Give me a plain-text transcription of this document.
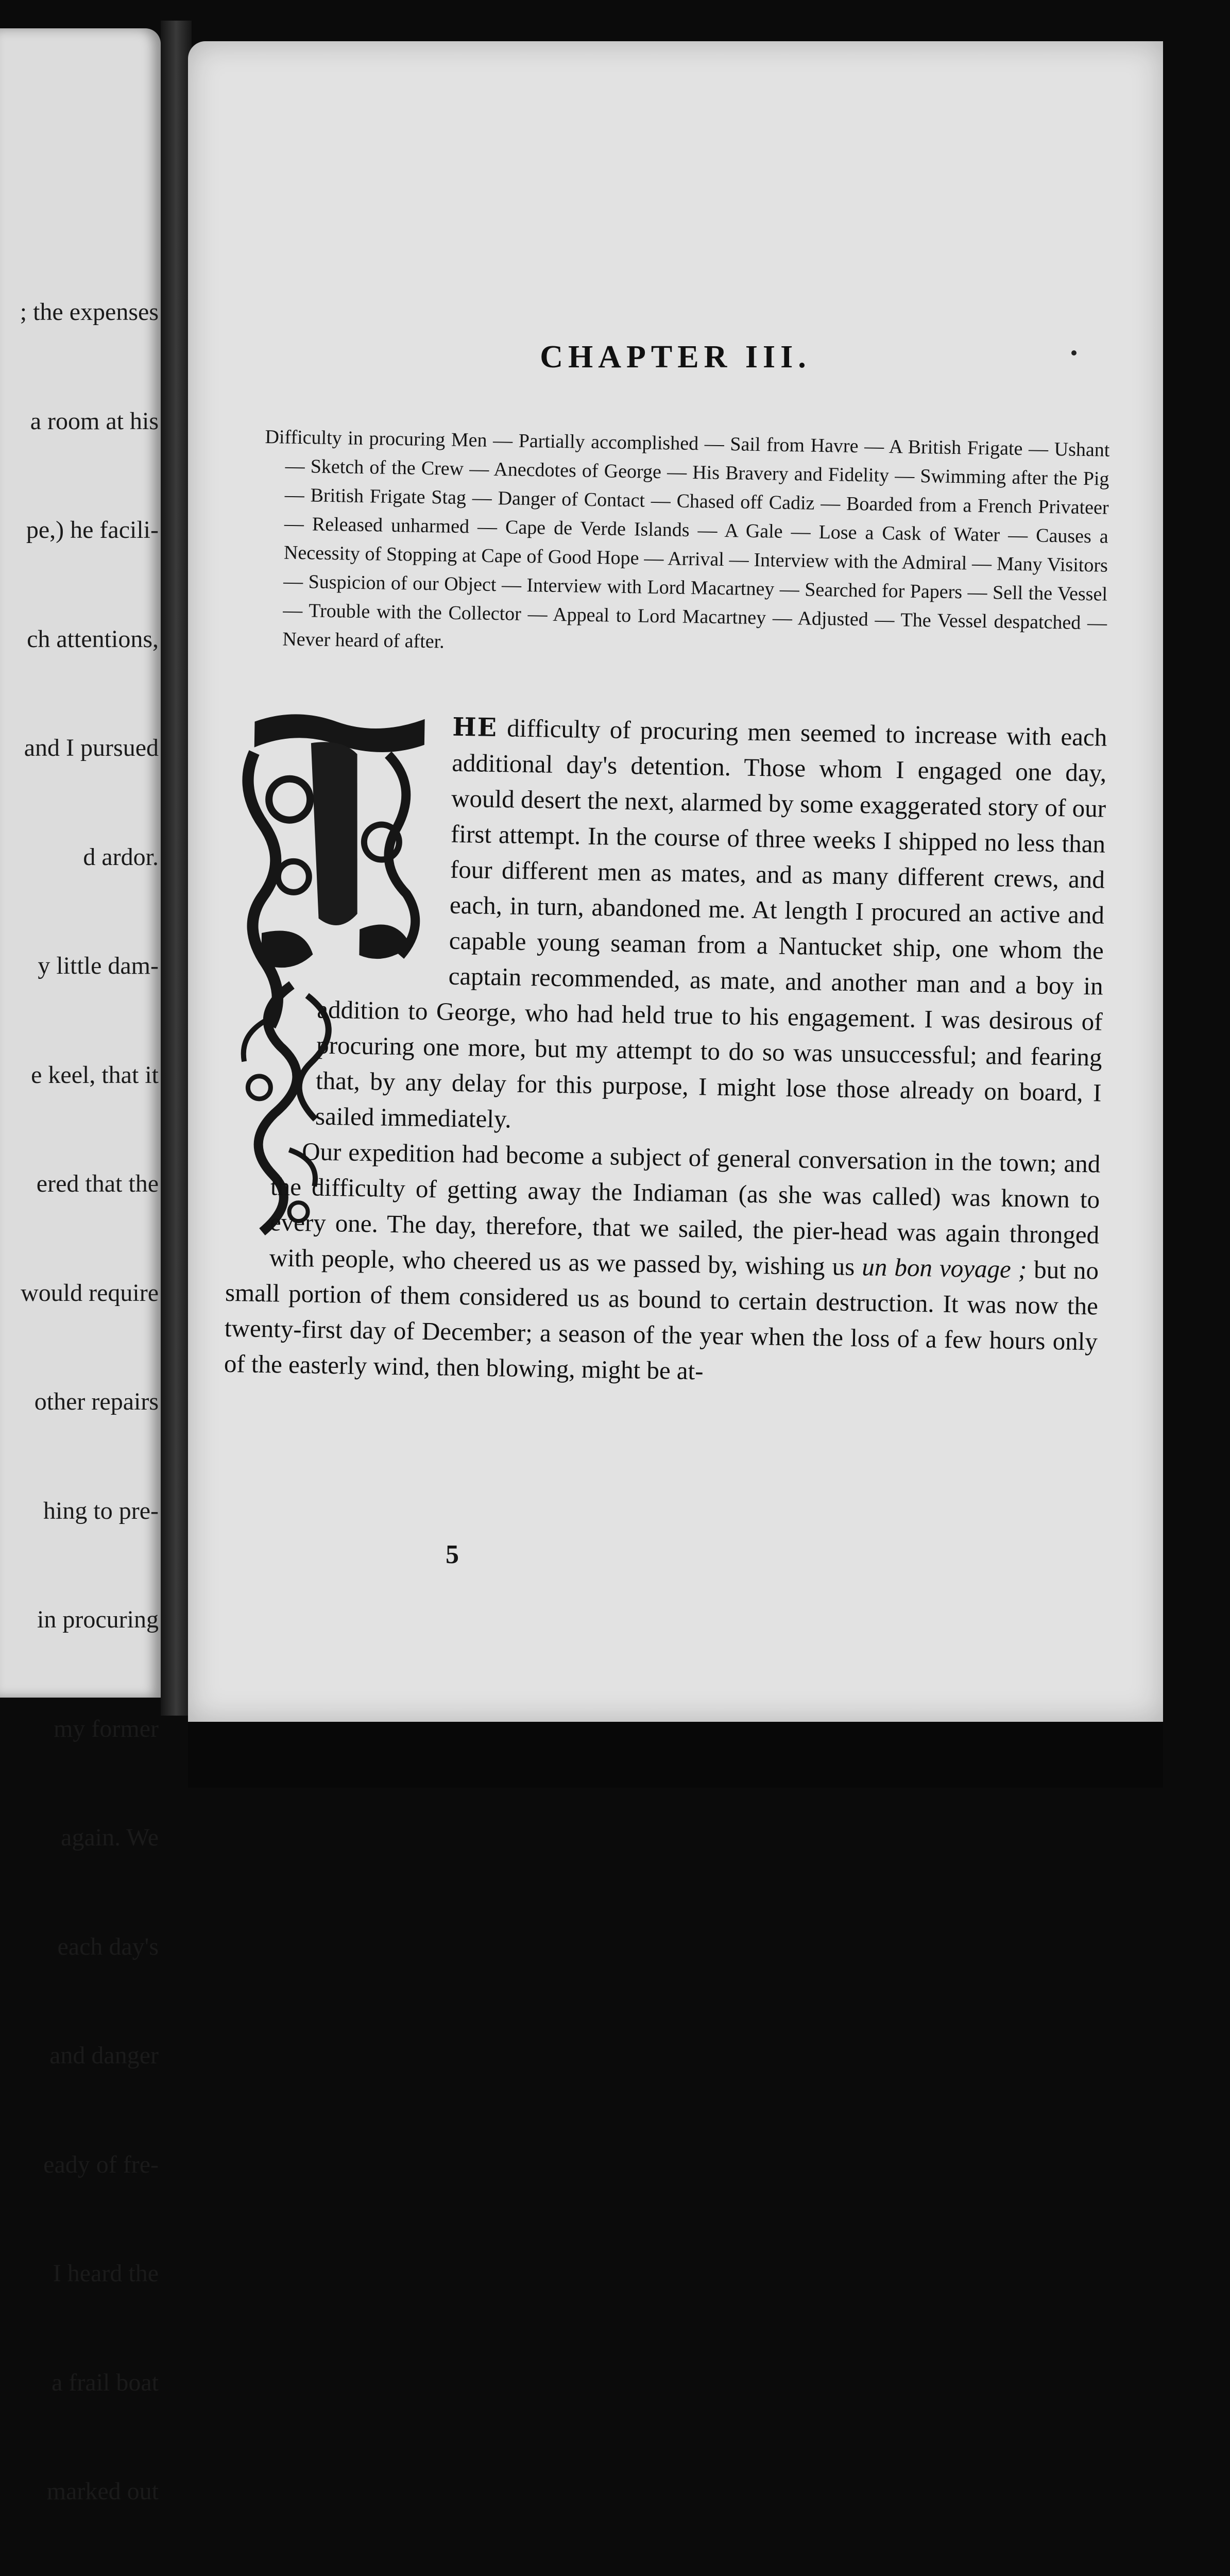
; the expenses

a room at his

pe,) he facili-

ch attentions,

and I pursued

d ardor.

y little dam-

e keel, that it

ered that the

would require

other repairs

hing to pre-

in procuring

my former

again. We

each day's

and danger

eady of fre-

I heard the

a frail boat

marked out

CHAPTER III.

Difficulty in procuring Men — Partially accomplished — Sail from Havre — A British Frigate — Ushant — Sketch of the Crew — Anecdotes of George — His Bravery and Fidelity — Swimming after the Pig — British Frigate Stag — Danger of Contact — Chased off Cadiz — Boarded from a French Privateer — Released unharmed — Cape de Verde Islands — A Gale — Lose a Cask of Water — Causes a Necessity of Stopping at Cape of Good Hope — Arrival — Interview with the Admiral — Many Visitors — Suspicion of our Object — Interview with Lord Macartney — Searched for Papers — Sell the Vessel — Trouble with the Collector — Appeal to Lord Macartney — Adjusted — The Vessel despatched — Never heard of after.

HE difficulty of procuring men seemed to increase with each additional day's detention. Those whom I engaged one day, would desert the next, alarmed by some exaggerated story of our first attempt. In the course of three weeks I shipped no less than four different men as mates, and as many different crews, and each, in turn, abandoned me. At length I procured an active and capable young seaman from a Nantucket ship, one whom the captain recommended, as mate, and another man and a boy in addition to George, who had held true to his engagement. I was desirous of procuring one more, but my attempt to do so was unsuccessful; and fearing that, by any delay for this purpose, I might lose those already on board, I sailed immediately.

Our expedition had become a subject of general conversation in the town; and the difficulty of getting away the Indiaman (as she was called) was known to every one. The day, therefore, that we sailed, the pier-head was again thronged with people, who cheered us as we passed by, wishing us un bon voyage ; but no small portion of them considered us as bound to certain destruction. It was now the twenty-first day of December; a season of the year when the loss of a few hours only of the easterly wind, then blowing, might be at-

5
